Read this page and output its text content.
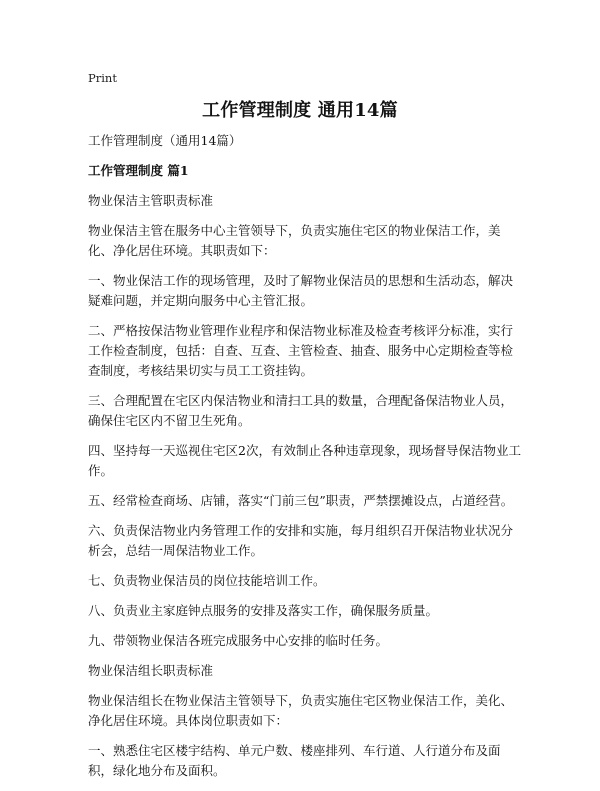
Print
工作管理制度 通用14篇
工作管理制度（通用14篇）
工作管理制度 篇1
物业保洁主管职责标准
物业保洁主管在服务中心主管领导下，负责实施住宅区的物业保洁工作，美化、净化居住环境。其职责如下：
一、物业保洁工作的现场管理，及时了解物业保洁员的思想和生活动态，解决疑难问题，并定期向服务中心主管汇报。
二、严格按保洁物业管理作业程序和保洁物业标准及检查考核评分标准，实行工作检查制度，包括：自查、互查、主管检查、抽查、服务中心定期检查等检查制度，考核结果切实与员工工资挂钩。
三、合理配置在宅区内保洁物业和清扫工具的数量，合理配备保洁物业人员，确保住宅区内不留卫生死角。
四、坚持每一天巡视住宅区2次，有效制止各种违章现象，现场督导保洁物业工作。
五、经常检查商场、店铺，落实“门前三包”职责，严禁摆摊设点，占道经营。
六、负责保洁物业内务管理工作的安排和实施，每月组织召开保洁物业状况分析会，总结一周保洁物业工作。
七、负责物业保洁员的岗位技能培训工作。
八、负责业主家庭钟点服务的安排及落实工作，确保服务质量。
九、带领物业保洁各班完成服务中心安排的临时任务。
物业保洁组长职责标准
物业保洁组长在物业保洁主管领导下，负责实施住宅区物业保洁工作，美化、净化居住环境。具体岗位职责如下：
一、熟悉住宅区楼宇结构、单元户数、楼座排列、车行道、人行道分布及面积，绿化地分布及面积。
